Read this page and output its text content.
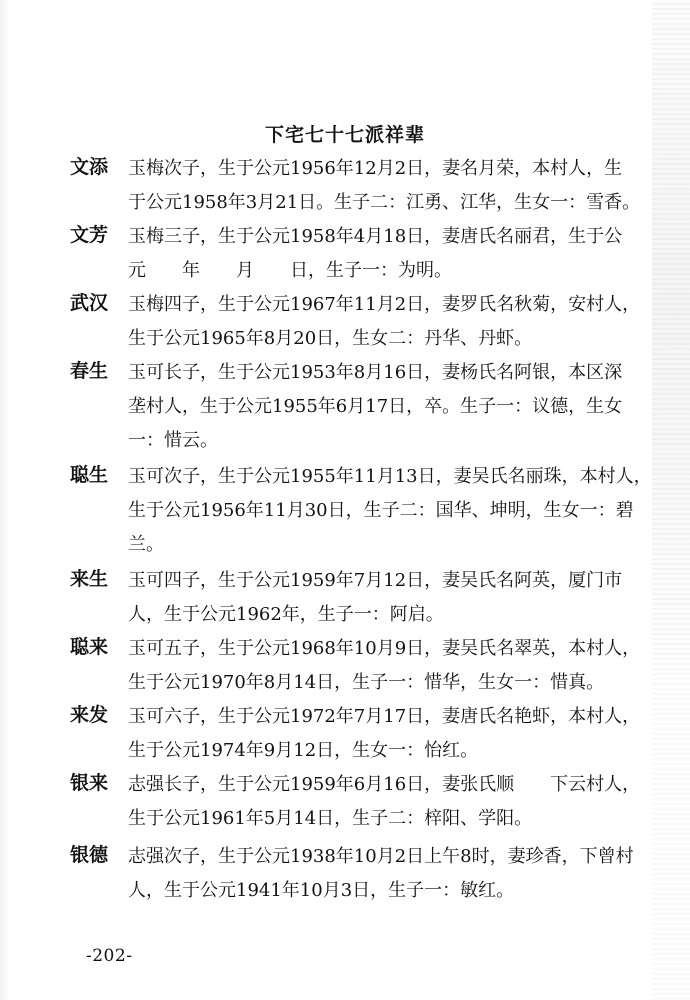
下宅七十七派祥辈
文添 玉梅次子，生于公元1956年12月2日，妻名月荣，本村人，生
于公元1958年3月21日。生子二：江勇、江华，生女一：雪香。
文芳 玉梅三子，生于公元1958年4月18日，妻唐氏名丽君，生于公
元　　年　　月　　日，生子一：为明。
武汉 玉梅四子，生于公元1967年11月2日，妻罗氏名秋菊，安村人，
生于公元1965年8月20日，生女二：丹华、丹虾。
春生 玉可长子，生于公元1953年8月16日，妻杨氏名阿银，本区深
垄村人，生于公元1955年6月17日，卒。生子一：议德，生女
一：惜云。
聪生 玉可次子，生于公元1955年11月13日，妻吴氏名丽珠，本村人，
生于公元1956年11月30日，生子二：国华、坤明，生女一：碧
兰。
来生 玉可四子，生于公元1959年7月12日，妻吴氏名阿英，厦门市
人，生于公元1962年，生子一：阿启。
聪来 玉可五子，生于公元1968年10月9日，妻吴氏名翠英，本村人，
生于公元1970年8月14日，生子一：惜华，生女一：惜真。
来发 玉可六子，生于公元1972年7月17日，妻唐氏名艳虾，本村人，
生于公元1974年9月12日，生女一：怡红。
银来 志强长子，生于公元1959年6月16日，妻张氏顺　　下云村人，
生于公元1961年5月14日，生子二：梓阳、学阳。
银德 志强次子，生于公元1938年10月2日上午8时，妻珍香，下曾村
人，生于公元1941年10月3日，生子一：敏红。
-202-
